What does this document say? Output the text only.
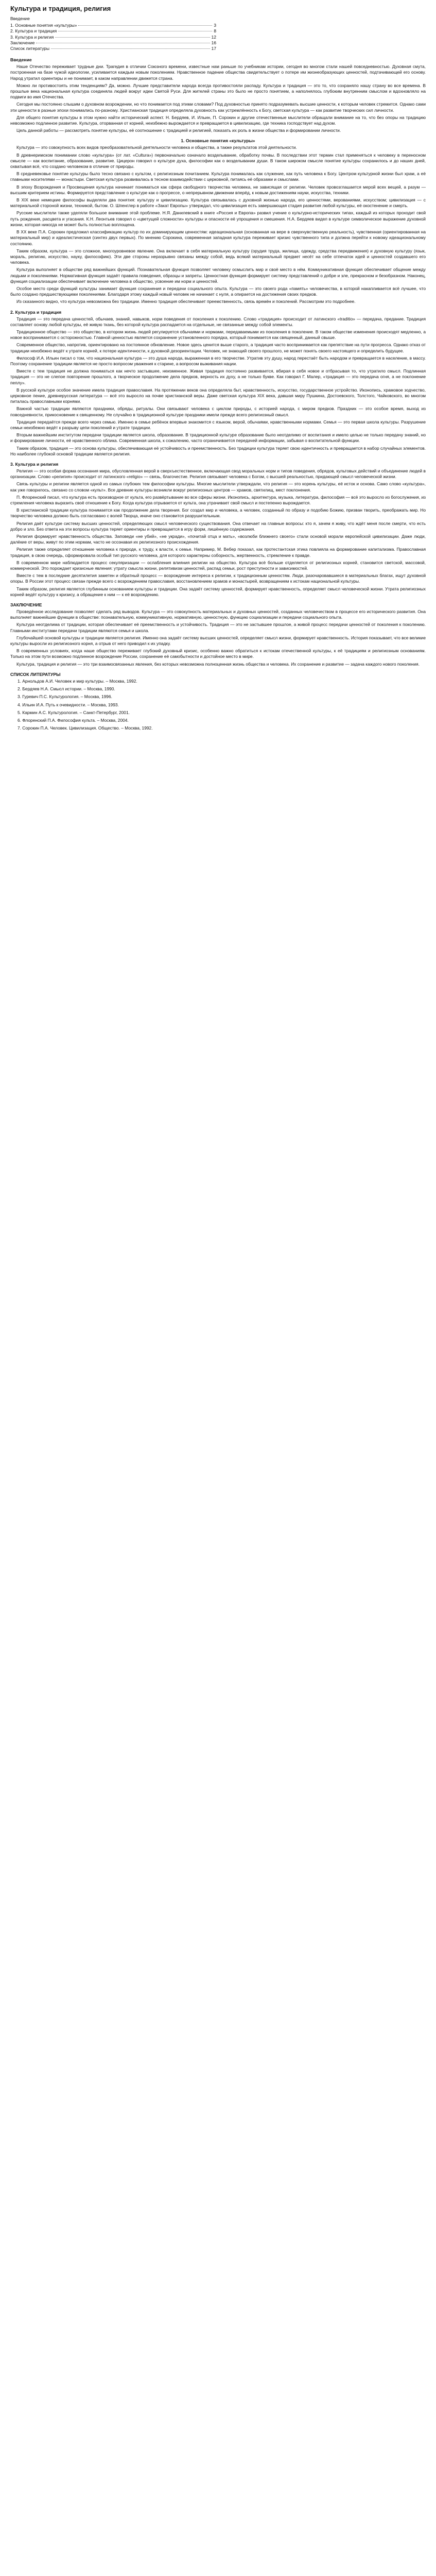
Культура и традиция, религия
Введение
1. Основные понятия «культуры»	3
2. Культура и традиция	8
3. Культура и религия	12
Заключение	16
Список литературы	17
Введение

Наше Отечество переживает трудные дни. Трагедия в отличии Союзного времени, известные нам раньше по учебникам истории, сегодня во многом стали нашей повседневностью. Духовная смута, построенная на базе чужой идеологии, усиливается каждым новым поколением. Нравственное падение общества свидетельствует о потере им жизнеобразующих ценностей, подтачивающей его основу. Народ утратил ориентиры и не понимает, в каком направлении движется страна.

Можно ли противостоять этим тенденциям? Да, можно. Лучшие представители народа всегда противостояли распаду. Культура и традиция — это то, что сохраняло нашу страну во все времена. В прошлые века национальная культура соединяла людей вокруг идеи Святой Руси. Для жителей страны это было не просто понятием, а наполнялось глубоким внутренним смыслом и вдохновляло на подвиги во имя Отечества.

Сегодня мы постоянно слышим о духовном возрождении, но что понимается под этими словами? Под духовностью принято подразумевать высшие ценности, к которым человек стремится. Однако сами эти ценности в разные эпохи понимались по-разному. Христианская традиция определяла духовность как устремлённость к Богу, светская культура — как развитие творческих сил личности.

Для общего понятия культуры в этом нужно найти исторический аспект. Н. Бердяев, И. Ильин, П. Сорокин и другие отечественные мыслители обращали внимание на то, что без опоры на традицию невозможно подлинное развитие. Культура, оторванная от корней, неизбежно вырождается и превращается в цивилизацию, где техника господствует над духом.

Цель данной работы — рассмотреть понятие культуры, её соотношение с традицией и религией, показать их роль в жизни общества и формировании личности.

1. Основные понятия «культуры»

Культура — это совокупность всех видов преобразовательной деятельности человека и общества, а также результатов этой деятельности.

В древнеримском понимании слово «культура» (от лат. «Cultura») первоначально означало возделывание, обработку почвы. В последствии этот термин стал применяться к человеку в переносном смысле — как воспитание, образование, развитие. Цицерон говорил о культуре духа, философии как о возделывании души. В таком широком смысле понятие культуры сохранилось и до наших дней, охватывая всё, что создано человеком в отличие от природы.

В средневековье понятие культуры было тесно связано с культом, с религиозным почитанием. Культура понималась как служение, как путь человека к Богу. Центром культурной жизни был храм, а её главными носителями — монастыри. Светская культура развивалась в тесном взаимодействии с церковной, питаясь её образами и смыслами.

В эпоху Возрождения и Просвещения культура начинает пониматься как сфера свободного творчества человека, не зависящая от религии. Человек провозглашается мерой всех вещей, а разум — высшим критерием истины. Формируется представление о культуре как о прогрессе, о непрерывном движении вперёд, к новым достижениям науки, искусства, техники.

В XIX веке немецкие философы выделяли два понятия: культуру и цивилизацию. Культура связывалась с духовной жизнью народа, его ценностями, верованиями, искусством; цивилизация — с материальной стороной жизни, техникой, бытом. О. Шпенглер в работе «Закат Европы» утверждал, что цивилизация есть завершающая стадия развития любой культуры, её окостенение и смерть.

Русские мыслители также уделяли большое внимание этой проблеме. Н.Я. Данилевский в книге «Россия и Европа» развил учение о культурно-исторических типах, каждый из которых проходит свой путь рождения, расцвета и угасания. К.Н. Леонтьев говорил о «цветущей сложности» культуры и опасности её упрощения и смешения. Н.А. Бердяев видел в культуре символическое выражение духовной жизни, которая никогда не может быть полностью воплощена.

В XX веке П.А. Сорокин предложил классификацию культур по их доминирующим ценностям: идеациональная (основанная на вере в сверхчувственную реальность), чувственная (ориентированная на материальный мир) и идеалистическая (синтез двух первых). По мнению Сорокина, современная западная культура переживает кризис чувственного типа и должна перейти к новому идеациональному состоянию.

Таким образом, культура — это сложное, многоуровневое явление. Она включает в себя материальную культуру (орудия труда, жилища, одежду, средства передвижения) и духовную культуру (язык, мораль, религию, искусство, науку, философию). Эти две стороны неразрывно связаны между собой, ведь всякий материальный предмет несёт на себе отпечаток идей и ценностей создавшего его человека.

Культура выполняет в обществе ряд важнейших функций. Познавательная функция позволяет человеку осмыслить мир и своё место в нём. Коммуникативная функция обеспечивает общение между людьми и поколениями. Нормативная функция задаёт правила поведения, образцы и запреты. Ценностная функция формирует систему представлений о добре и зле, прекрасном и безобразном. Наконец, функция социализации обеспечивает включение человека в общество, усвоение им норм и ценностей.

Особое место среди функций культуры занимает функция сохранения и передачи социального опыта. Культура — это своего рода «память» человечества, в которой накапливается всё лучшее, что было создано предшествующими поколениями. Благодаря этому каждый новый человек не начинает с нуля, а опирается на достижения своих предков.

Из сказанного видно, что культура невозможна без традиции. Именно традиция обеспечивает преемственность, связь времён и поколений. Рассмотрим это подробнее.

2. Культура и традиция

Традиция — это передача ценностей, обычаев, знаний, навыков, норм поведения от поколения к поколению. Слово «традиция» происходит от латинского «traditio» — передача, предание. Традиция составляет основу любой культуры, её живую ткань, без которой культура распадается на отдельные, не связанные между собой элементы.

Традиционное общество — это общество, в котором жизнь людей регулируется обычаями и нормами, передаваемыми из поколения в поколение. В таком обществе изменения происходят медленно, а новое воспринимается с осторожностью. Главной ценностью является сохранение установленного порядка, который понимается как священный, данный свыше.

Современное общество, напротив, ориентировано на постоянное обновление. Новое здесь ценится выше старого, а традиция часто воспринимается как препятствие на пути прогресса. Однако отказ от традиции неизбежно ведёт к утрате корней, к потере идентичности, к духовной дезориентации. Человек, не знающий своего прошлого, не может понять своего настоящего и определить будущее.

Философ И.А. Ильин писал о том, что национальная культура — это душа народа, выраженная в его творчестве. Утратив эту душу, народ перестаёт быть народом и превращается в население, в массу. Поэтому сохранение традиции является не просто вопросом уважения к старине, а вопросом выживания нации.

Вместе с тем традиция не должна пониматься как нечто застывшее, неизменное. Живая традиция постоянно развивается, вбирая в себя новое и отбрасывая то, что утратило смысл. Подлинная традиция — это не слепое повторение прошлого, а творческое продолжение дела предков, верность их духу, а не только букве. Как говорил Г. Малер, «традиция — это передача огня, а не поклонение пеплу».

В русской культуре особое значение имела традиция православия. На протяжении веков она определяла быт, нравственность, искусство, государственное устройство. Иконопись, храмовое зодчество, церковное пение, древнерусская литература — всё это выросло на почве христианской веры. Даже светская культура XIX века, давшая миру Пушкина, Достоевского, Толстого, Чайковского, во многом питалась православными корнями.

Важной частью традиции являются праздники, обряды, ритуалы. Они связывают человека с циклом природы, с историей народа, с миром предков. Праздник — это особое время, выход из повседневности, прикосновение к священному. Не случайно в традиционной культуре праздники имели прежде всего религиозный смысл.

Традиция передаётся прежде всего через семью. Именно в семье ребёнок впервые знакомится с языком, верой, обычаями, нравственными нормами. Семья — это первая школа культуры. Разрушение семьи неизбежно ведёт к разрыву цепи поколений и утрате традиции.

Вторым важнейшим институтом передачи традиции является школа, образование. В традиционной культуре образование было неотделимо от воспитания и имело целью не только передачу знаний, но и формирование личности, её нравственного облика. Современная школа, к сожалению, часто ограничивается передачей информации, забывая о воспитательной функции.

Таким образом, традиция — это основа культуры, обеспечивающая её устойчивость и преемственность. Без традиции культура теряет свою идентичность и превращается в набор случайных элементов. Но наиболее глубокой основой традиции является религия.

3. Культура и религия

Религия — это особая форма осознания мира, обусловленная верой в сверхъестественное, включающая свод моральных норм и типов поведения, обрядов, культовых действий и объединение людей в организации. Слово «религия» происходит от латинского «religio» — связь, благочестие. Религия связывает человека с Богом, с высшей реальностью, придающей смысл человеческой жизни.

Связь культуры и религии является одной из самых глубоких тем философии культуры. Многие мыслители утверждали, что религия — это корень культуры, её исток и основа. Само слово «культура», как уже говорилось, связано со словом «культ». Все древние культуры возникли вокруг религиозных центров — храмов, святилищ, мест поклонения.

П. Флоренский писал, что культура есть производное от культа, его развёртывание во все сферы жизни. Иконопись, архитектура, музыка, литература, философия — всё это выросло из богослужения, из стремления человека выразить своё отношение к Богу. Когда культура отрывается от культа, она утрачивает свой смысл и постепенно вырождается.

В христианской традиции культура понимается как продолжение дела творения. Бог создал мир и человека, а человек, созданный по образу и подобию Божию, призван творить, преображать мир. Но творчество человека должно быть согласовано с волей Творца, иначе оно становится разрушительным.

Религия даёт культуре систему высших ценностей, определяющих смысл человеческого существования. Она отвечает на главные вопросы: кто я, зачем я живу, что ждёт меня после смерти, что есть добро и зло. Без ответа на эти вопросы культура теряет ориентиры и превращается в игру форм, лишённую содержания.

Религия формирует нравственность общества. Заповеди «не убий», «не укради», «почитай отца и мать», «возлюби ближнего своего» стали основой морали европейской цивилизации. Даже люди, далёкие от веры, живут по этим нормам, часто не осознавая их религиозного происхождения.

Религия также определяет отношение человека к природе, к труду, к власти, к семье. Например, М. Вебер показал, как протестантская этика повлияла на формирование капитализма. Православная традиция, в свою очередь, сформировала особый тип русского человека, для которого характерны соборность, жертвенность, стремление к правде.

В современном мире наблюдается процесс секуляризации — ослабления влияния религии на общество. Культура всё больше отделяется от религиозных корней, становится светской, массовой, коммерческой. Это порождает кризисные явления: утрату смысла жизни, релятивизм ценностей, распад семьи, рост преступности и зависимостей.

Вместе с тем в последние десятилетия заметен и обратный процесс — возрождение интереса к религии, к традиционным ценностям. Люди, разочаровавшиеся в материальных благах, ищут духовной опоры. В России этот процесс связан прежде всего с возрождением православия, восстановлением храмов и монастырей, возвращением к истокам национальной культуры.

Таким образом, религия является глубинным основанием культуры и традиции. Она задаёт систему ценностей, формирует нравственность, определяет смысл человеческой жизни. Утрата религиозных корней ведёт культуру к кризису, а обращение к ним — к её возрождению.

ЗАКЛЮЧЕНИЕ

Проведённое исследование позволяет сделать ряд выводов. Культура — это совокупность материальных и духовных ценностей, созданных человечеством в процессе его исторического развития. Она выполняет важнейшие функции в обществе: познавательную, коммуникативную, нормативную, ценностную, функцию социализации и передачи социального опыта.

Культура неотделима от традиции, которая обеспечивает её преемственность и устойчивость. Традиция — это не застывшее прошлое, а живой процесс передачи ценностей от поколения к поколению. Главными институтами передачи традиции являются семья и школа.

Глубочайшей основой культуры и традиции является религия. Именно она задаёт систему высших ценностей, определяет смысл жизни, формирует нравственность. История показывает, что все великие культуры выросли из религиозного корня, а отрыв от него приводил к их упадку.

В современных условиях, когда наше общество переживает глубокий духовный кризис, особенно важно обратиться к истокам отечественной культуры, к её традициям и религиозным основаниям. Только на этом пути возможно подлинное возрождение России, сохранение её самобытности и достойное место в мире.

Культура, традиция и религия — это три взаимосвязанных явления, без которых невозможна полноценная жизнь общества и человека. Их сохранение и развитие — задача каждого нового поколения.

СПИСОК ЛИТЕРАТУРЫ
1. Арнольдов А.И. Человек и мир культуры. – Москва, 1992.
2. Бердяев Н.А. Смысл истории. – Москва, 1990.
3. Гуревич П.С. Культурология. – Москва, 1996.
4. Ильин И.А. Путь к очевидности. – Москва, 1993.
5. Кармин А.С. Культурология. – Санкт-Петербург, 2001.
6. Флоренский П.А. Философия культа. – Москва, 2004.
7. Сорокин П.А. Человек. Цивилизация. Общество. – Москва, 1992.
